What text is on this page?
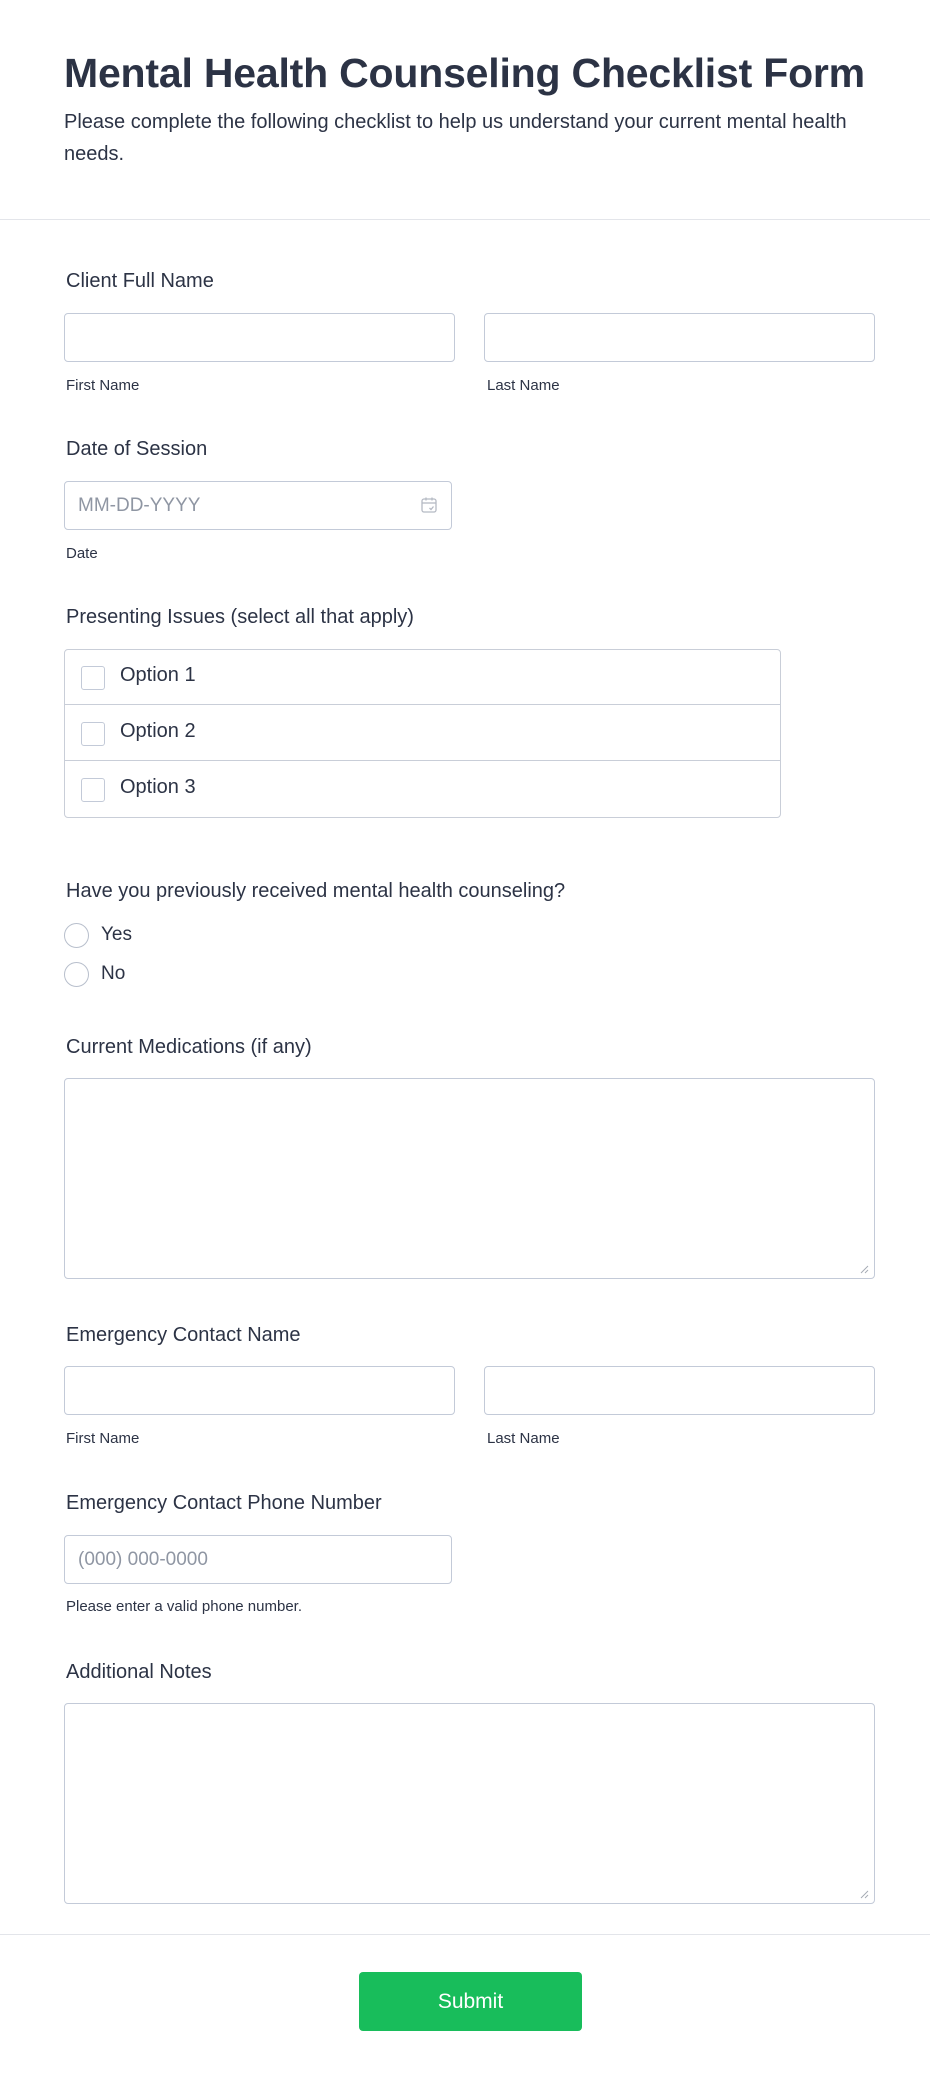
Mental Health Counseling Checklist Form

Please complete the following checklist to help us understand your current mental health needs.

Client Full Name
First Name	Last Name
Date of Session
MM-DD-YYYY
Date
Presenting Issues (select all that apply)
Option 1
Option 2
Option 3
Have you previously received mental health counseling?
Yes
No
Current Medications (if any)
Emergency Contact Name
First Name	Last Name
Emergency Contact Phone Number
(000) 000-0000
Please enter a valid phone number.
Additional Notes
Submit
